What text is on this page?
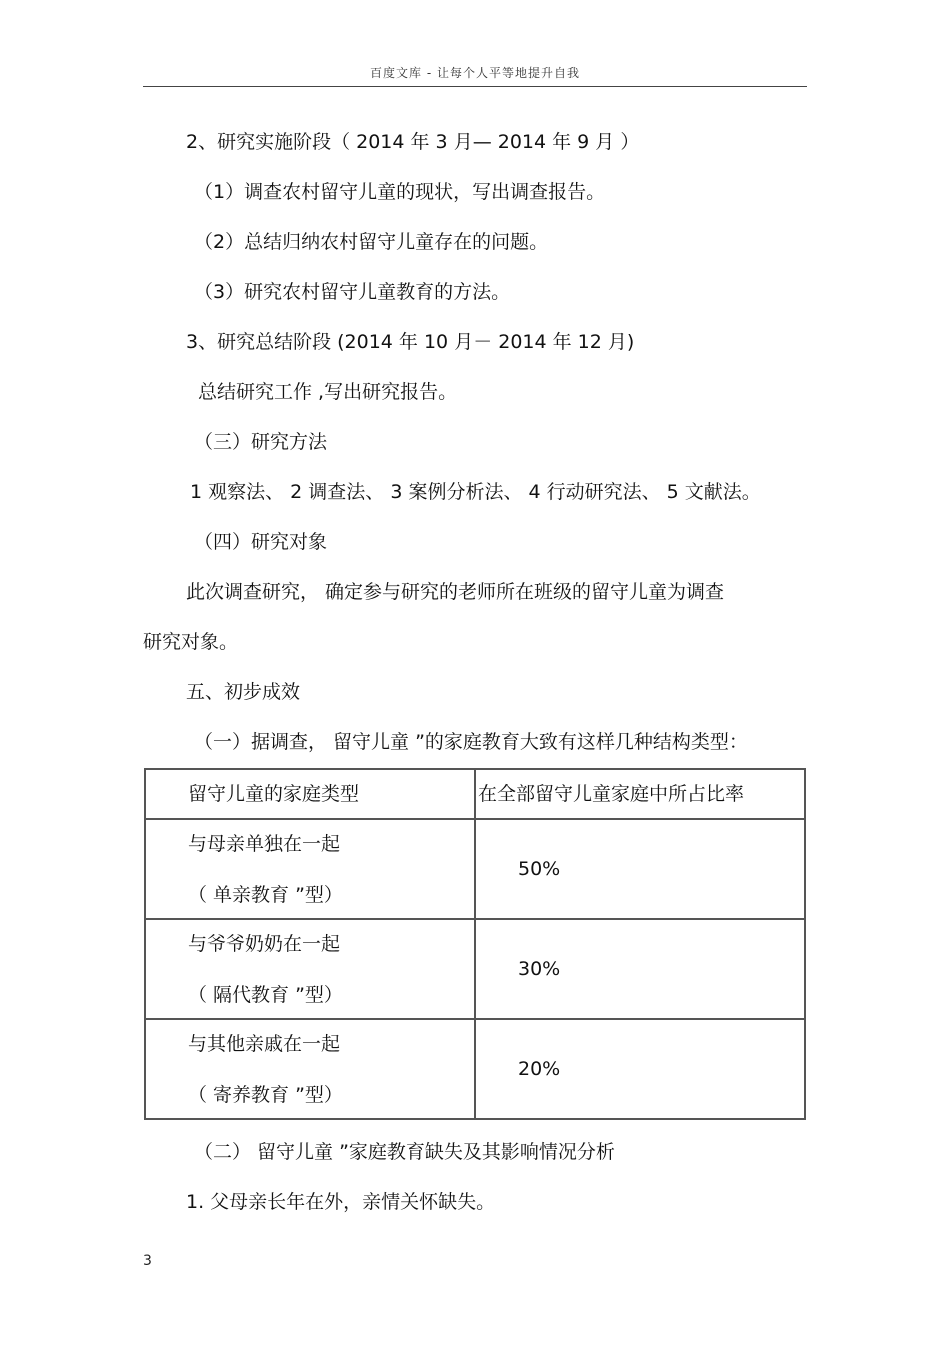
百度文库 - 让每个人平等地提升自我
2、研究实施阶段（ 2014 年 3 月— 2014 年 9 月 ）
（1）调查农村留守儿童的现状，写出调查报告。
（2）总结归纳农村留守儿童存在的问题。
（3）研究农村留守儿童教育的方法。
3、研究总结阶段 (2014 年 10 月－ 2014 年 12 月)
总结研究工作 ,写出研究报告。
（三）研究方法
1 观察法、 2 调查法、 3 案例分析法、 4 行动研究法、 5 文献法。
（四）研究对象
此次调查研究， 确定参与研究的老师所在班级的留守儿童为调查
研究对象。
五、初步成效
（一）据调查， 留守儿童 ”的家庭教育大致有这样几种结构类型：
留守儿童的家庭类型	在全部留守儿童家庭中所占比率

与母亲单独在一起
（ 单亲教育 ”型）	50%

与爷爷奶奶在一起
（ 隔代教育 ”型）	30%

与其他亲戚在一起
（ 寄养教育 ”型）	20%
（二） 留守儿童 ”家庭教育缺失及其影响情况分析
1. 父母亲长年在外，亲情关怀缺失。
3
